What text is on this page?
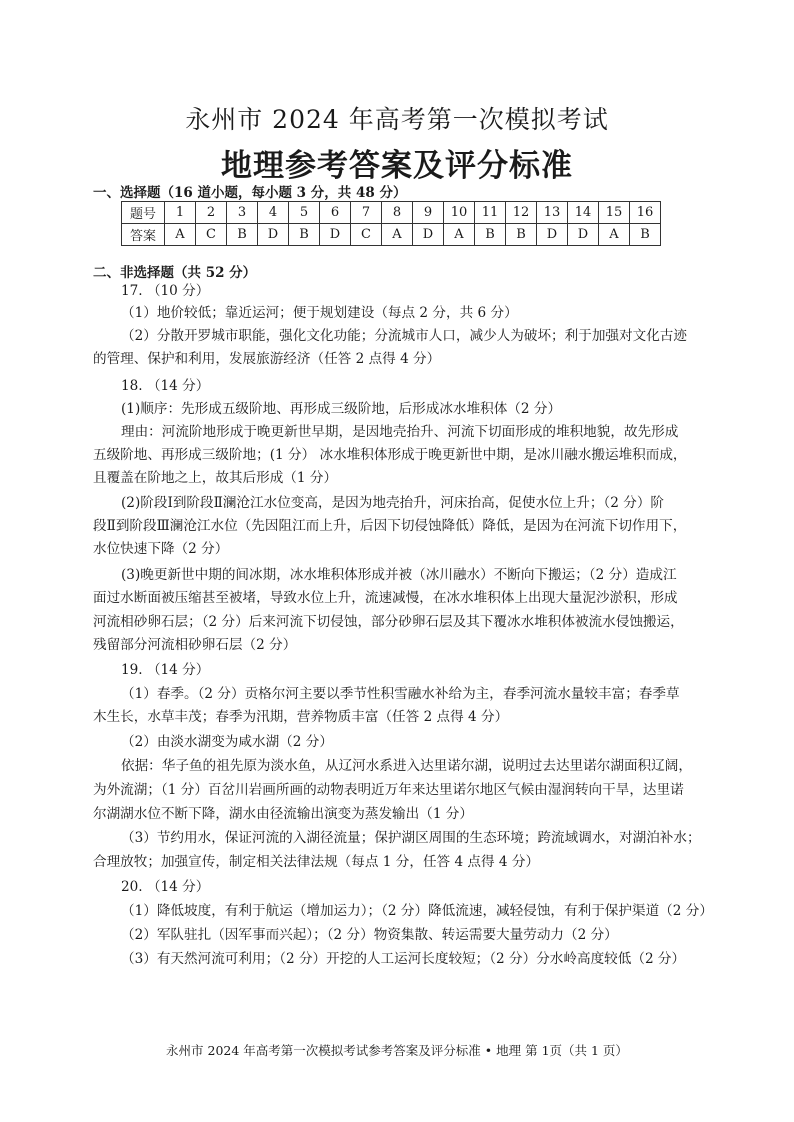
永州市 2024 年高考第一次模拟考试
地理参考答案及评分标准
一、选择题（16 道小题，每小题 3 分，共 48 分）
题号	1	2	3	4	5	6	7	8	9	10	11	12	13	14	15	16
答案	A	C	B	D	B	D	C	A	D	A	B	B	D	D	A	B
二、非选择题（共 52 分）
17. （10 分）
（1）地价较低；靠近运河；便于规划建设（每点 2 分，共 6 分）
（2）分散开罗城市职能，强化文化功能；分流城市人口，减少人为破坏；利于加强对文化古迹
的管理、保护和利用，发展旅游经济（任答 2 点得 4 分）
18. （14 分）
(1)顺序：先形成五级阶地、再形成三级阶地，后形成冰水堆积体（2 分）
理由：河流阶地形成于晚更新世早期，是因地壳抬升、河流下切面形成的堆积地貌，故先形成
五级阶地、再形成三级阶地；(1 分） 冰水堆积体形成于晚更新世中期，是冰川融水搬运堆积而成，
且覆盖在阶地之上，故其后形成（1 分）
(2)阶段Ⅰ到阶段Ⅱ澜沧江水位变高，是因为地壳抬升，河床抬高，促使水位上升；（2 分）阶
段Ⅱ到阶段Ⅲ澜沧江水位（先因阻江而上升，后因下切侵蚀降低）降低，是因为在河流下切作用下，
水位快速下降（2 分）
(3)晚更新世中期的间冰期，冰水堆积体形成并被（冰川融水）不断向下搬运；（2 分）造成江
面过水断面被压缩甚至被堵，导致水位上升，流速减慢，在冰水堆积体上出现大量泥沙淤积，形成
河流相砂卵石层；（2 分）后来河流下切侵蚀，部分砂卵石层及其下覆冰水堆积体被流水侵蚀搬运，
残留部分河流相砂卵石层（2 分）
19. （14 分）
（1）春季。（2 分）贡格尔河主要以季节性积雪融水补给为主，春季河流水量较丰富；春季草
木生长，水草丰茂；春季为汛期，营养物质丰富（任答 2 点得 4 分）
（2）由淡水湖变为咸水湖（2 分）
依据：华子鱼的祖先原为淡水鱼，从辽河水系进入达里诺尔湖，说明过去达里诺尔湖面积辽阔，
为外流湖；（1 分）百岔川岩画所画的动物表明近万年来达里诺尔地区气候由湿润转向干旱，达里诺
尔湖湖水位不断下降，湖水由径流输出演变为蒸发输出（1 分）
（3）节约用水，保证河流的入湖径流量；保护湖区周围的生态环境；跨流域调水，对湖泊补水；
合理放牧；加强宣传，制定相关法律法规（每点 1 分，任答 4 点得 4 分）
20. （14 分）
（1）降低坡度，有利于航运（增加运力）；（2 分）降低流速，减轻侵蚀，有利于保护渠道（2 分）
（2）军队驻扎（因军事而兴起）；（2 分）物资集散、转运需要大量劳动力（2 分）
（3）有天然河流可利用；（2 分）开挖的人工运河长度较短；（2 分）分水岭高度较低（2 分）
永州市 2024 年高考第一次模拟考试参考答案及评分标准 • 地理 第 1页（共 1 页）
